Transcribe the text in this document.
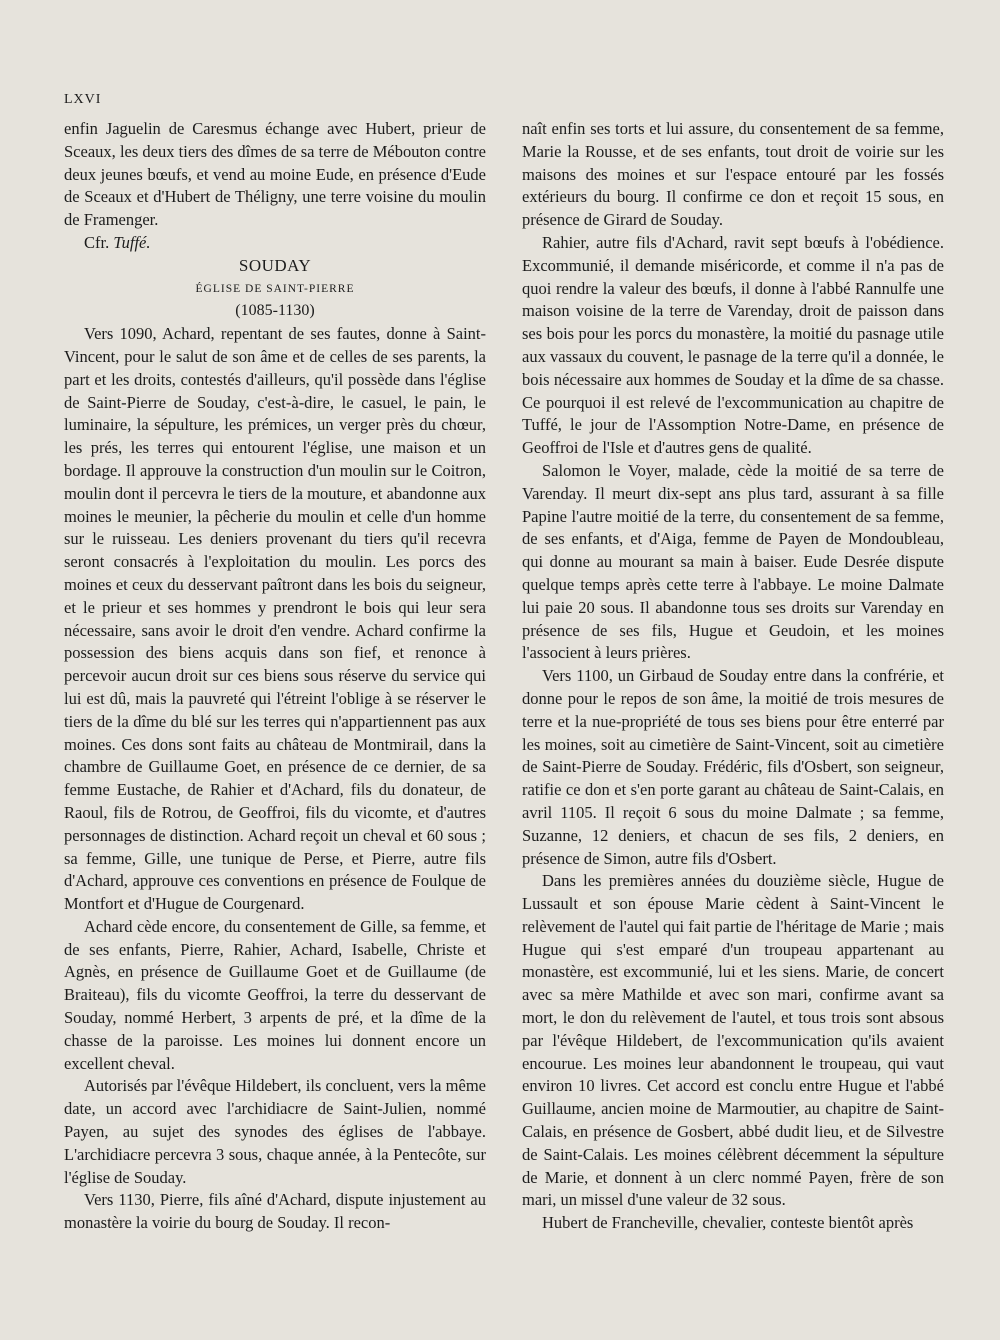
LXVI

enfin Jaguelin de Caresmus échange avec Hubert, prieur de Sceaux, les deux tiers des dîmes de sa terre de Mébouton contre deux jeunes bœufs, et vend au moine Eude, en présence d'Eude de Sceaux et d'Hubert de Théligny, une terre voisine du moulin de Framenger.

Cfr. Tuffé.

SOUDAY

ÉGLISE DE SAINT-PIERRE

(1085-1130)

Vers 1090, Achard, repentant de ses fautes, donne à Saint-Vincent, pour le salut de son âme et de celles de ses parents, la part et les droits, contestés d'ailleurs, qu'il possède dans l'église de Saint-Pierre de Souday, c'est-à-dire, le casuel, le pain, le luminaire, la sépulture, les prémices, un verger près du chœur, les prés, les terres qui entourent l'église, une maison et un bordage. Il approuve la construction d'un moulin sur le Coitron, moulin dont il percevra le tiers de la mouture, et abandonne aux moines le meunier, la pêcherie du moulin et celle d'un homme sur le ruisseau. Les deniers provenant du tiers qu'il recevra seront consacrés à l'exploitation du moulin. Les porcs des moines et ceux du desservant paîtront dans les bois du seigneur, et le prieur et ses hommes y prendront le bois qui leur sera nécessaire, sans avoir le droit d'en vendre. Achard confirme la possession des biens acquis dans son fief, et renonce à percevoir aucun droit sur ces biens sous réserve du service qui lui est dû, mais la pauvreté qui l'étreint l'oblige à se réserver le tiers de la dîme du blé sur les terres qui n'appartiennent pas aux moines. Ces dons sont faits au château de Montmirail, dans la chambre de Guillaume Goet, en présence de ce dernier, de sa femme Eustache, de Rahier et d'Achard, fils du donateur, de Raoul, fils de Rotrou, de Geoffroi, fils du vicomte, et d'autres personnages de distinction. Achard reçoit un cheval et 60 sous ; sa femme, Gille, une tunique de Perse, et Pierre, autre fils d'Achard, approuve ces conventions en présence de Foulque de Montfort et d'Hugue de Courgenard.

Achard cède encore, du consentement de Gille, sa femme, et de ses enfants, Pierre, Rahier, Achard, Isabelle, Christe et Agnès, en présence de Guillaume Goet et de Guillaume (de Braiteau), fils du vicomte Geoffroi, la terre du desservant de Souday, nommé Herbert, 3 arpents de pré, et la dîme de la chasse de la paroisse. Les moines lui donnent encore un excellent cheval.

Autorisés par l'évêque Hildebert, ils concluent, vers la même date, un accord avec l'archidiacre de Saint-Julien, nommé Payen, au sujet des synodes des églises de l'abbaye. L'archidiacre percevra 3 sous, chaque année, à la Pentecôte, sur l'église de Souday.

Vers 1130, Pierre, fils aîné d'Achard, dispute injustement au monastère la voirie du bourg de Souday. Il recon-

naît enfin ses torts et lui assure, du consentement de sa femme, Marie la Rousse, et de ses enfants, tout droit de voirie sur les maisons des moines et sur l'espace entouré par les fossés extérieurs du bourg. Il confirme ce don et reçoit 15 sous, en présence de Girard de Souday.

Rahier, autre fils d'Achard, ravit sept bœufs à l'obédience. Excommunié, il demande miséricorde, et comme il n'a pas de quoi rendre la valeur des bœufs, il donne à l'abbé Rannulfe une maison voisine de la terre de Varenday, droit de paisson dans ses bois pour les porcs du monastère, la moitié du pasnage utile aux vassaux du couvent, le pasnage de la terre qu'il a donnée, le bois nécessaire aux hommes de Souday et la dîme de sa chasse. Ce pourquoi il est relevé de l'excommunication au chapitre de Tuffé, le jour de l'Assomption Notre-Dame, en présence de Geoffroi de l'Isle et d'autres gens de qualité.

Salomon le Voyer, malade, cède la moitié de sa terre de Varenday. Il meurt dix-sept ans plus tard, assurant à sa fille Papine l'autre moitié de la terre, du consentement de sa femme, de ses enfants, et d'Aiga, femme de Payen de Mondoubleau, qui donne au mourant sa main à baiser. Eude Desrée dispute quelque temps après cette terre à l'abbaye. Le moine Dalmate lui paie 20 sous. Il abandonne tous ses droits sur Varenday en présence de ses fils, Hugue et Geudoin, et les moines l'associent à leurs prières.

Vers 1100, un Girbaud de Souday entre dans la confrérie, et donne pour le repos de son âme, la moitié de trois mesures de terre et la nue-propriété de tous ses biens pour être enterré par les moines, soit au cimetière de Saint-Vincent, soit au cimetière de Saint-Pierre de Souday. Frédéric, fils d'Osbert, son seigneur, ratifie ce don et s'en porte garant au château de Saint-Calais, en avril 1105. Il reçoit 6 sous du moine Dalmate ; sa femme, Suzanne, 12 deniers, et chacun de ses fils, 2 deniers, en présence de Simon, autre fils d'Osbert.

Dans les premières années du douzième siècle, Hugue de Lussault et son épouse Marie cèdent à Saint-Vincent le relèvement de l'autel qui fait partie de l'héritage de Marie ; mais Hugue qui s'est emparé d'un troupeau appartenant au monastère, est excommunié, lui et les siens. Marie, de concert avec sa mère Mathilde et avec son mari, confirme avant sa mort, le don du relèvement de l'autel, et tous trois sont absous par l'évêque Hildebert, de l'excommunication qu'ils avaient encourue. Les moines leur abandonnent le troupeau, qui vaut environ 10 livres. Cet accord est conclu entre Hugue et l'abbé Guillaume, ancien moine de Marmoutier, au chapitre de Saint-Calais, en présence de Gosbert, abbé dudit lieu, et de Silvestre de Saint-Calais. Les moines célèbrent décemment la sépulture de Marie, et donnent à un clerc nommé Payen, frère de son mari, un missel d'une valeur de 32 sous.

Hubert de Francheville, chevalier, conteste bientôt après
